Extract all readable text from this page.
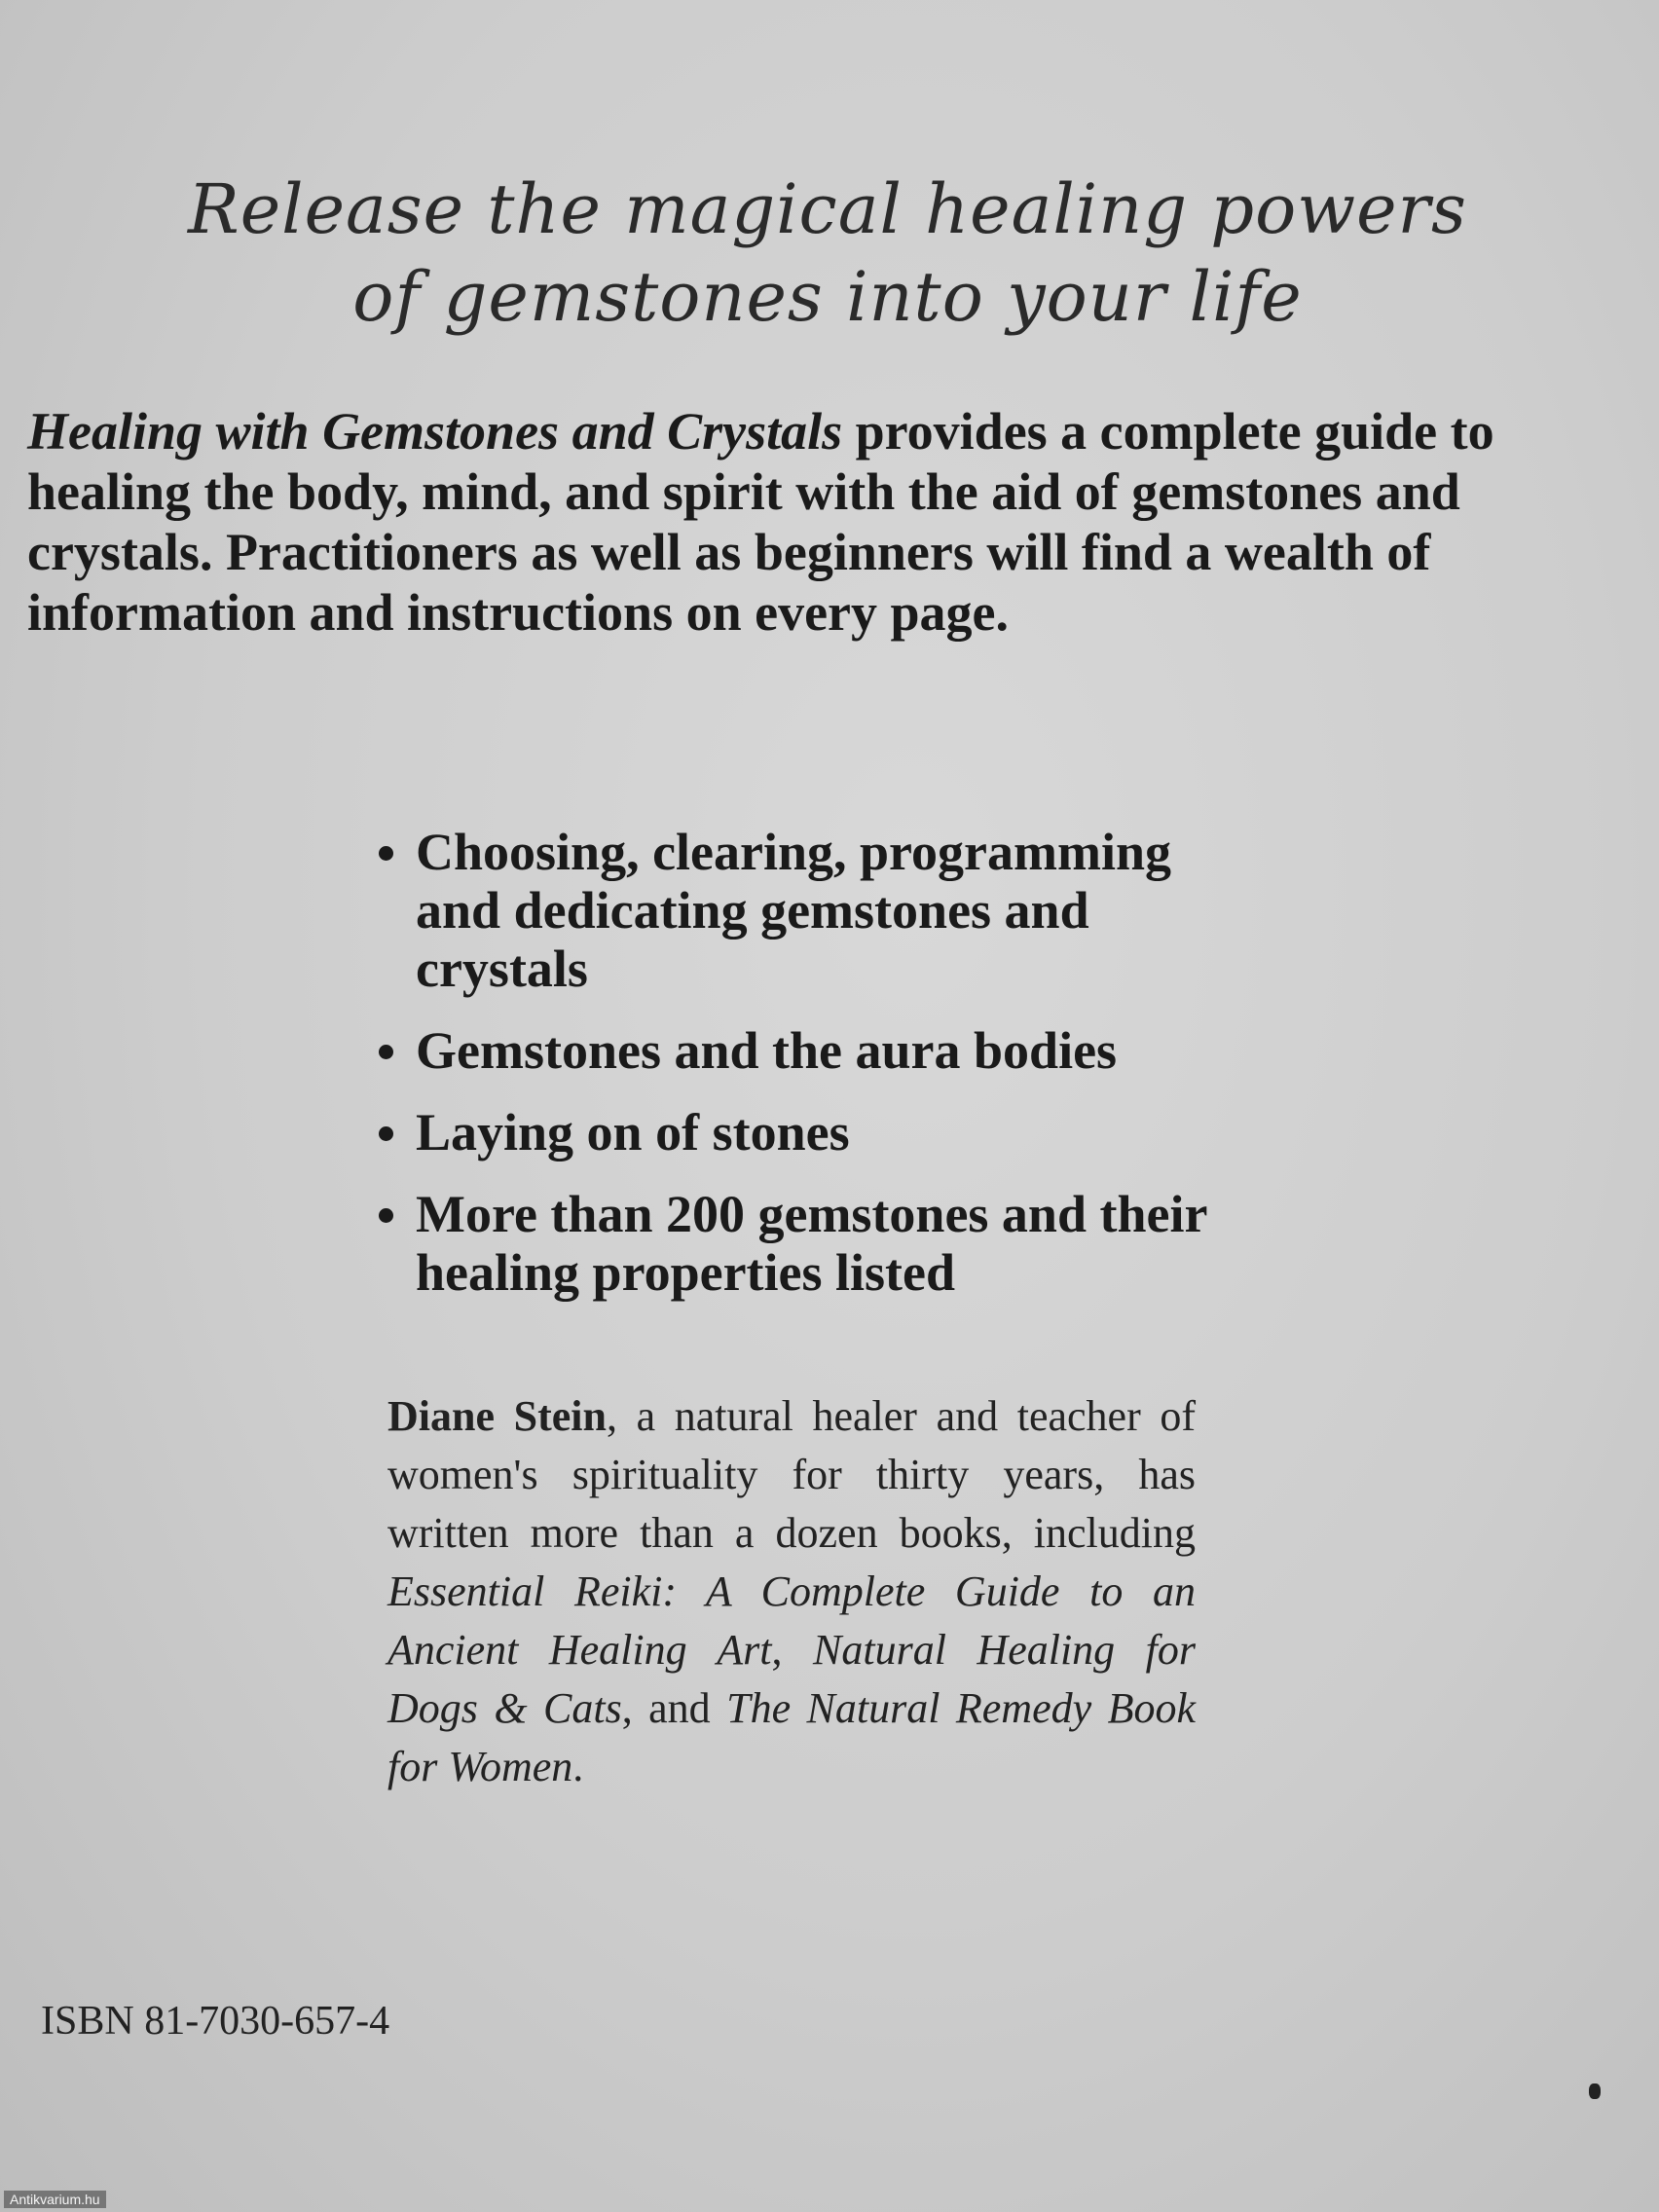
Release the magical healing powers
of gemstones into your life
Healing with Gemstones and Crystals provides a complete guide to healing the body, mind, and spirit with the aid of gemstones and crystals. Practitioners as well as beginners will find a wealth of information and instructions on every page.
Choosing, clearing, programming and dedicating gemstones and crystals
Gemstones and the aura bodies
Laying on of stones
More than 200 gemstones and their healing properties listed
Diane Stein, a natural healer and teacher of women's spirituality for thirty years, has written more than a dozen books, including Essential Reiki: A Complete Guide to an Ancient Healing Art, Natural Healing for Dogs & Cats, and The Natural Remedy Book for Women.
ISBN 81-7030-657-4
Antikvarium.hu
